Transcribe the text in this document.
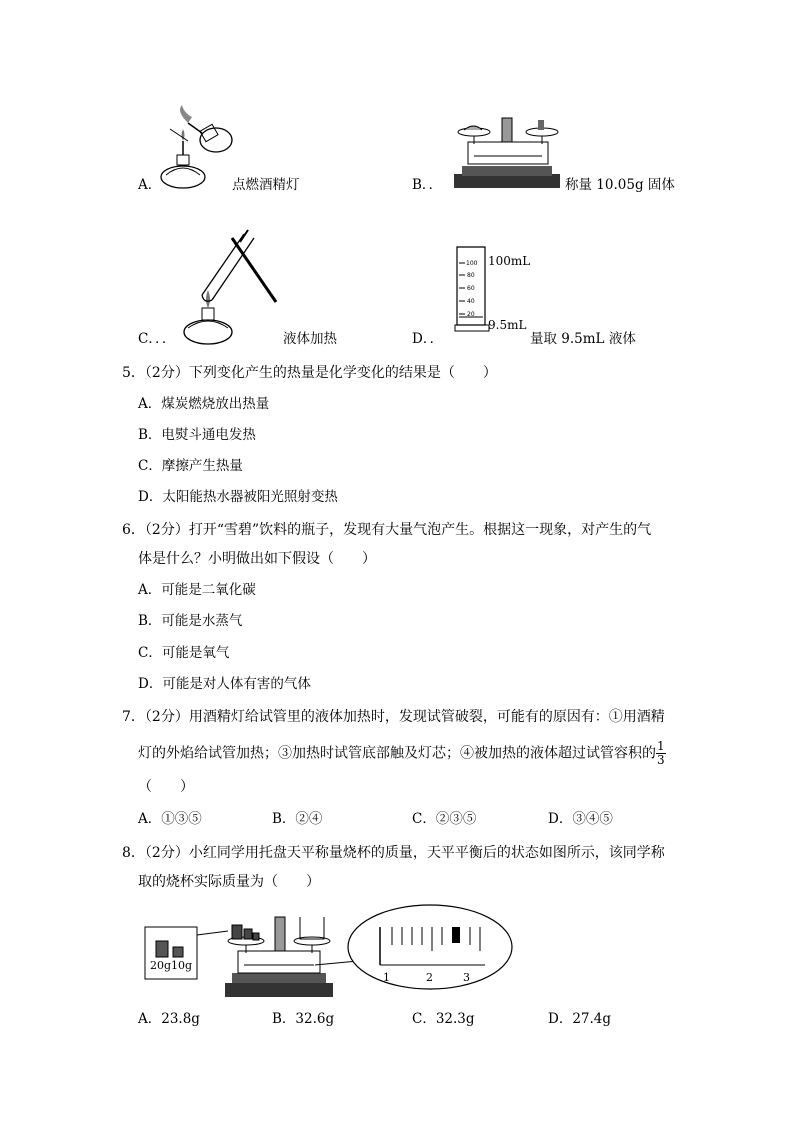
A．	点燃酒精灯	B．．	称量 10.05g 固体
C．．．	液体加热	D．．
100
80
60
40
20
100mL
9.5mL
量取 9.5mL 液体
5．（2分）下列变化产生的热量是化学变化的结果是（　　）
A．煤炭燃烧放出热量
B．电熨斗通电发热
C．摩擦产生热量
D．太阳能热水器被阳光照射变热
6．（2分）打开“雪碧”饮料的瓶子，发现有大量气泡产生。根据这一现象，对产生的气
体是什么？小明做出如下假设（　　）
A．可能是二氧化碳
B．可能是水蒸气
C．可能是氧气
D．可能是对人体有害的气体
7．（2分）用酒精灯给试管里的液体加热时，发现试管破裂，可能有的原因有：①用酒精
灯的外焰给试管加热；③加热时试管底部触及灯芯；④被加热的液体超过试管容积的 $\frac{1}{3}$
（　　）
A．①③⑤	B．②④	C．②③⑤	D．③④⑤
8．（2分）小红同学用托盘天平称量烧杯的质量，天平平衡后的状态如图所示，该同学称
取的烧杯实际质量为（　　）
1	2	3
20g10g
A．23.8g	B．32.6g	C．32.3g	D．27.4g
